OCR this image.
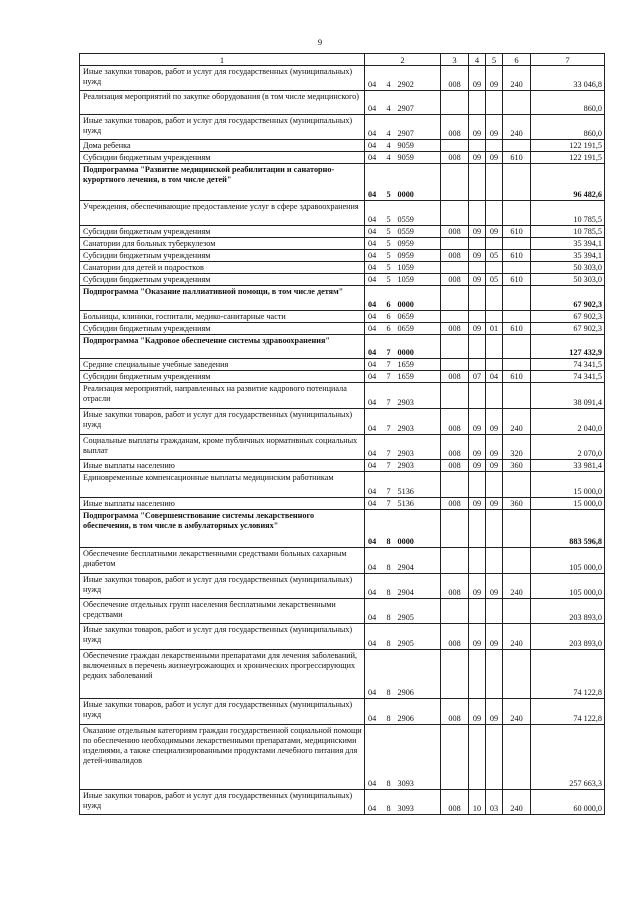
9
1	2			3	4	5	6	7
Иные закупки товаров, работ и услуг для государственных (муниципальных) нужд	04	4	2902	008	09	09	240	33 046,8
Реализация мероприятий по закупке оборудования (в том числе медицинского)	04	4	2907					860,0
Иные закупки товаров, работ и услуг для государственных (муниципальных) нужд	04	4	2907	008	09	09	240	860,0
Дома ребенка	04	4	9059					122 191,5
Субсидии бюджетным учреждениям	04	4	9059	008	09	09	610	122 191,5
Подпрограмма "Развитие медицинской реабилитации и санаторно-курортного лечения, в том числе детей"	04	5	0000					96 482,6
Учреждения, обеспечивающие предоставление услуг в сфере здравоохранения	04	5	0559					10 785,5
Субсидии бюджетным учреждениям	04	5	0559	008	09	09	610	10 785,5
Санатории для больных туберкулезом	04	5	0959					35 394,1
Субсидии бюджетным учреждениям	04	5	0959	008	09	05	610	35 394,1
Санатории для детей и подростков	04	5	1059					50 303,0
Субсидии бюджетным учреждениям	04	5	1059	008	09	05	610	50 303,0
Подпрограмма "Оказание паллиативной помощи, в том числе детям"	04	6	0000					67 902,3
Больницы, клиники, госпитали, медико-санитарные части	04	6	0659					67 902,3
Субсидии бюджетным учреждениям	04	6	0659	008	09	01	610	67 902,3
Подпрограмма "Кадровое обеспечение системы здравоохранения"	04	7	0000					127 432,9
Средние специальные учебные заведения	04	7	1659					74 341,5
Субсидии бюджетным учреждениям	04	7	1659	008	07	04	610	74 341,5
Реализация мероприятий, направленных на развитие кадрового потенциала отрасли	04	7	2903					38 091,4
Иные закупки товаров, работ и услуг для государственных (муниципальных) нужд	04	7	2903	008	09	09	240	2 040,0
Социальные выплаты гражданам, кроме публичных нормативных социальных выплат	04	7	2903	008	09	09	320	2 070,0
Иные выплаты населению	04	7	2903	008	09	09	360	33 981,4
Единовременные компенсационные выплаты медицинским работникам	04	7	5136					15 000,0
Иные выплаты населению	04	7	5136	008	09	09	360	15 000,0
Подпрограмма "Совершенствование системы лекарственного обеспечения, в том числе в амбулаторных условиях"	04	8	0000					883 596,8
Обеспечение бесплатными лекарственными средствами больных сахарным диабетом	04	8	2904					105 000,0
Иные закупки товаров, работ и услуг для государственных (муниципальных) нужд	04	8	2904	008	09	09	240	105 000,0
Обеспечение отдельных групп населения бесплатными лекарственными средствами	04	8	2905					203 893,0
Иные закупки товаров, работ и услуг для государственных (муниципальных) нужд	04	8	2905	008	09	09	240	203 893,0
Обеспечение граждан лекарственными препаратами для лечения заболеваний, включенных в перечень жизнеугрожающих и хронических прогрессирующих редких заболеваний	04	8	2906					74 122,8
Иные закупки товаров, работ и услуг для государственных (муниципальных) нужд	04	8	2906	008	09	09	240	74 122,8
Оказание отдельным категориям граждан государственной социальной помощи по обеспечению необходимыми лекарственными препаратами, медицинскими изделиями, а также специализированными продуктами лечебного питания для детей-инвалидов	04	8	3093					257 663,3
Иные закупки товаров, работ и услуг для государственных (муниципальных) нужд	04	8	3093	008	10	03	240	60 000,0
